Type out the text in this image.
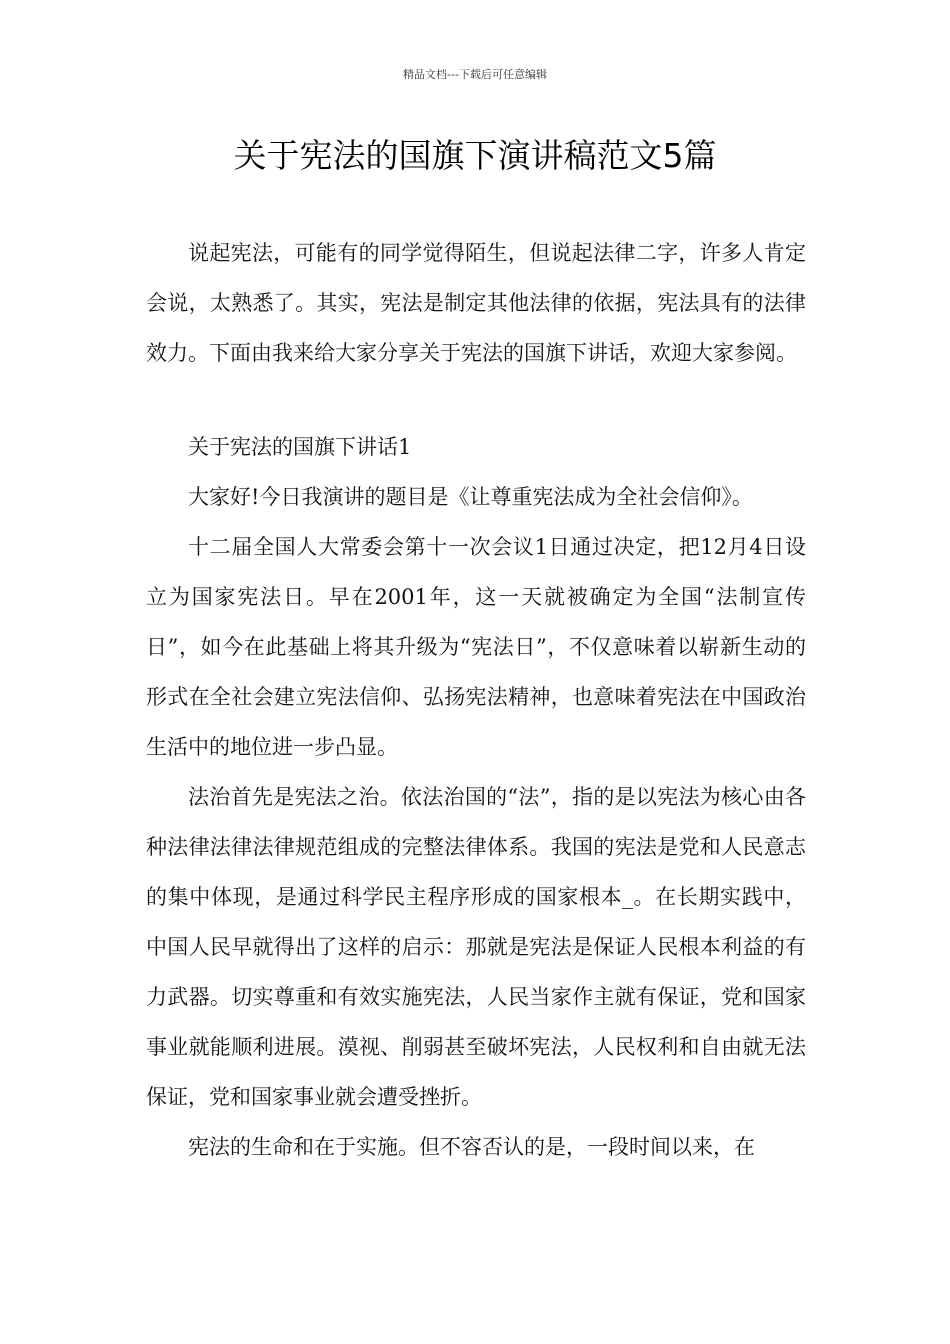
精品文档---下载后可任意编辑
关于宪法的国旗下演讲稿范文5篇

说起宪法，可能有的同学觉得陌生，但说起法律二字，许多人肯定会说，太熟悉了。其实，宪法是制定其他法律的依据，宪法具有的法律效力。下面由我来给大家分享关于宪法的国旗下讲话，欢迎大家参阅。

关于宪法的国旗下讲话1

大家好!今日我演讲的题目是《让尊重宪法成为全社会信仰》。

十二届全国人大常委会第十一次会议1日通过决定，把12月4日设立为国家宪法日。早在2001年，这一天就被确定为全国“法制宣传日”，如今在此基础上将其升级为“宪法日”，不仅意味着以崭新生动的形式在全社会建立宪法信仰、弘扬宪法精神，也意味着宪法在中国政治生活中的地位进一步凸显。

法治首先是宪法之治。依法治国的“法”，指的是以宪法为核心由各种法律法律法律规范组成的完整法律体系。我国的宪法是党和人民意志的集中体现，是通过科学民主程序形成的国家根本_。在长期实践中，中国人民早就得出了这样的启示：那就是宪法是保证人民根本利益的有力武器。切实尊重和有效实施宪法，人民当家作主就有保证，党和国家事业就能顺利进展。漠视、削弱甚至破坏宪法，人民权利和自由就无法保证，党和国家事业就会遭受挫折。

宪法的生命和在于实施。但不容否认的是，一段时间以来，在
